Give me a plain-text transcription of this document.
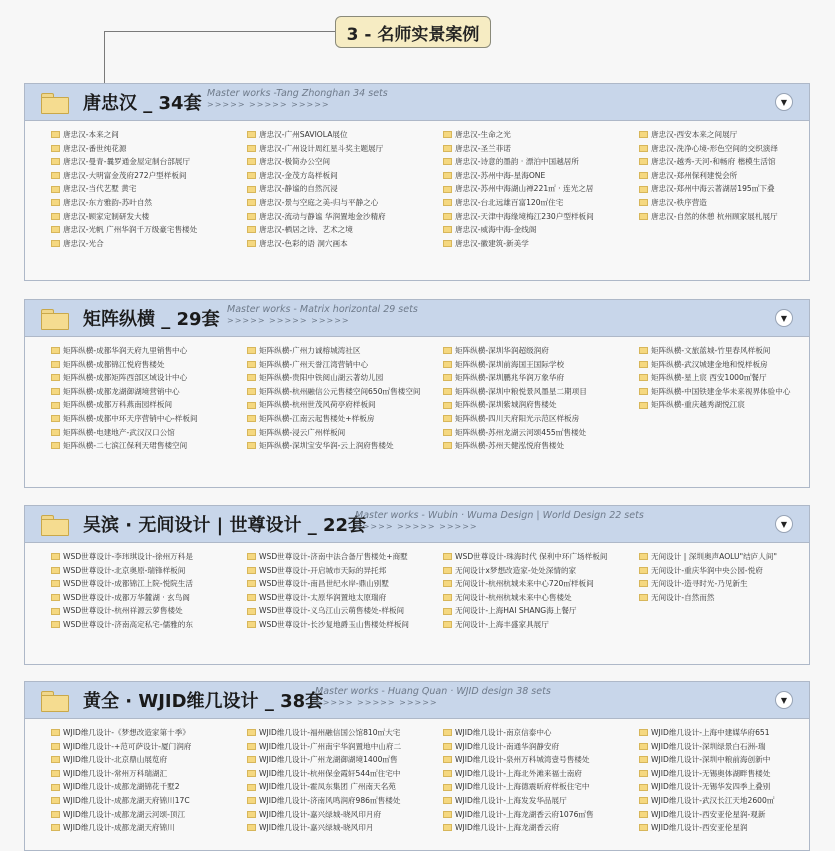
3 - 名师实景案例
唐忠汉 _ 34套 Master works -Tang Zhonghan 34 sets
>>>>> >>>>> >>>>>	▼
唐忠汉-本来之间
唐忠汉-番世纯花源
唐忠汉-曼青-曩罗通金屋定制台部展厅
唐忠汉-大明富金茂府272户型样板间
唐忠汉-当代艺墅 黄宅
唐忠汉-东方雅韵-苏叶自然
唐忠汉-顾家定制研发大楼
唐忠汉-光帆 广州华润千万级豪宅售楼处
唐忠汉-光合
唐忠汉-广州SAVIOLA展位
唐忠汉-广州设计周红星斗奖主题展厅
唐忠汉-极简办公空间
唐忠汉-金茂方岛样板间
唐忠汉-静谧的自然沉浸
唐忠汉-景与空庭之美-归与平静之心
唐忠汉-流动与静谧 华润置地金沙精府
唐忠汉-栖居之诗、艺术之境
唐忠汉-色彩的语 洞穴画本
唐忠汉-生命之光
唐忠汉-圣兰菲诺
唐忠汉-诗意的墨韵 · 漂泊中国越居所
唐忠汉-苏州中海-星海ONE
唐忠汉-苏州中海湖山禅221㎡ · 连光之居
唐忠汉-台北远雄百富120㎡住宅
唐忠汉-天津中海缘境梅江230户型样板间
唐忠汉-威海中海-金线阁
唐忠汉-徽建筑-新美学
唐忠汉-西安本来之间展厅
唐忠汉-洗净心境-形色空间的交织演绎
唐忠汉-越秀-天河-和畅府 楷模生活馆
唐忠汉-郑州保利建悦会所
唐忠汉-郑州中海云著湖居195㎡下叠
唐忠汉-秩序营造
唐忠汉-自然的休憩 杭州顾家展札展厅
矩阵纵横 _ 29套 Master works - Matrix horizontal 29 sets
>>>>> >>>>> >>>>>	▼
矩阵纵横-成都华润天府九里销售中心
矩阵纵横-成都锦江悦府售楼处
矩阵纵横-成都矩阵西部区域设计中心
矩阵纵横-成都龙湖御湖境营销中心
矩阵纵横-成都万科燕南园样板间
矩阵纵横-成都中环天序营销中心-样板间
矩阵纵横-电建地产-武汉汉口公馆
矩阵纵横-二七滨江保利天珺售楼空间
矩阵纵横-广州力诚榕城湾社区
矩阵纵横-广州天誉江湾营销中心
矩阵纵横-贵阳中铁阅山湖云著幼儿园
矩阵纵横-杭州融信公元售楼空间650㎡售楼空间
矩阵纵横-杭州世茂风荷亭府样板间
矩阵纵横-江南云起售楼处+样板房
矩阵纵横-浸云广州样板间
矩阵纵横-深圳宝安华润-云上润府售楼处
矩阵纵横-深圳华润超级润府
矩阵纵横-深圳前海国王国际学校
矩阵纵横-深圳鹏兆华润万象华府
矩阵纵横-深圳中粮悦景风墨星二期项目
矩阵纵横-深圳紫城润府售楼处
矩阵纵横-四川天府阳光示范区样板房
矩阵纵横-苏州龙湖云河颂455㎡售楼处
矩阵纵横-苏州天健泓悦府售楼处
矩阵纵横-文旅蓝城-竹里春风样板间
矩阵纵横-武汉城建金地和悦样板房
矩阵纵横-星上宸 西安1000㎡餐厅
矩阵纵横-中国铁建金华未来视界体验中心
矩阵纵横-重庆越秀湖悦江宸
吴滨 · 无间设计 | 世尊设计 _ 22套
Master works - Wubin · Wuma Design | World Design 22 sets
>>>>> >>>>> >>>>>	▼
WSD世尊设计-李玮琪设计-徐州万科是
WSD世尊设计-北京奥原-瑞锋样板间
WSD世尊设计-成都锦江上院-悦院生活
WSD世尊设计-成都万华麓湖 · 玄鸟阁
WSD世尊设计-杭州祥源云萝售楼处
WSD世尊设计-济南高定私宅-儒雅的东
WSD世尊设计-济南中法合备厅售楼处+商墅
WSD世尊设计-开启城市天际的异托邦
WSD世尊设计-南昌世纪水岸-鼎山别墅
WSD世尊设计-太原华润置地太原瑞府
WSD世尊设计-义乌江山云萌售楼处-样板间
WSD世尊设计-长沙复地爵玉山售楼处样板间
WSD世尊设计-珠海时代 保利中环广场样板间
无间设计x梦想改造家-处处深情的家
无间设计-杭州杭城未来中心720㎡样板间
无间设计-杭州杭城未来中心售楼处
无间设计-上海HAI SHANG海上餐厅
无间设计-上海丰盛家具展厅
无间设计 | 深圳奥声AOLU"结庐人间"
无间设计-重庆华润中央公园-悦府
无间设计-造寻时光-乃见新生
无间设计-自然而然
黄全 · WJID维几设计 _ 38套
Master works - Huang Quan · WJID design 38 sets
>>>>> >>>>> >>>>>	▼
WJID维几设计-《梦想改造家第十季》
WJID维几设计-+范可萨设计-厦门润府
WJID维几设计-北京鼎山展览府
WJID维几设计-常州万科瑞湖汇
WJID维几设计-成都龙湖锦花千墅2
WJID维几设计-成都龙湖天府锦川17C
WJID维几设计-成都龙湖云河颂-顶江
WJID维几设计-成都龙湖天府锦川
WJID维几设计-福州融信国公馆810㎡大宅
WJID维几设计-广州南宇华润置地中山府二
WJID维几设计-广州龙湖御湖境1400㎡售
WJID维几设计-杭州保金霞轩544㎡住宅中
WJID维几设计-霍凤东集团 广州南天名苑
WJID维几设计-济南风鸣润府986㎡售楼处
WJID维几设计-嘉兴绿城-晓风印月府
WJID维几设计-嘉兴绿城-晓风印月
WJID维几设计-南京信泰中心
WJID维几设计-南通华润静安府
WJID维几设计-泉州万科城湾壹号售楼处
WJID维几设计-上海北外滩来福士南府
WJID维几设计-上海德震昕府样板住宅中
WJID维几设计-上海发发华品展厅
WJID维几设计-上海龙湖香云府1076㎡售
WJID维几设计-上海龙湖香云府
WJID维几设计-上海中建媒华府651
WJID维几设计-深圳绿景白石洲-瑞
WJID维几设计-深圳中粮前海创新中
WJID维几设计-无锡奥体湖畔售楼处
WJID维几设计-无锡华发四季上叠别
WJID维几设计-武汉长江天地2600㎡
WJID维几设计-西安亚伦星润-观新
WJID维几设计-西安亚伦星润
